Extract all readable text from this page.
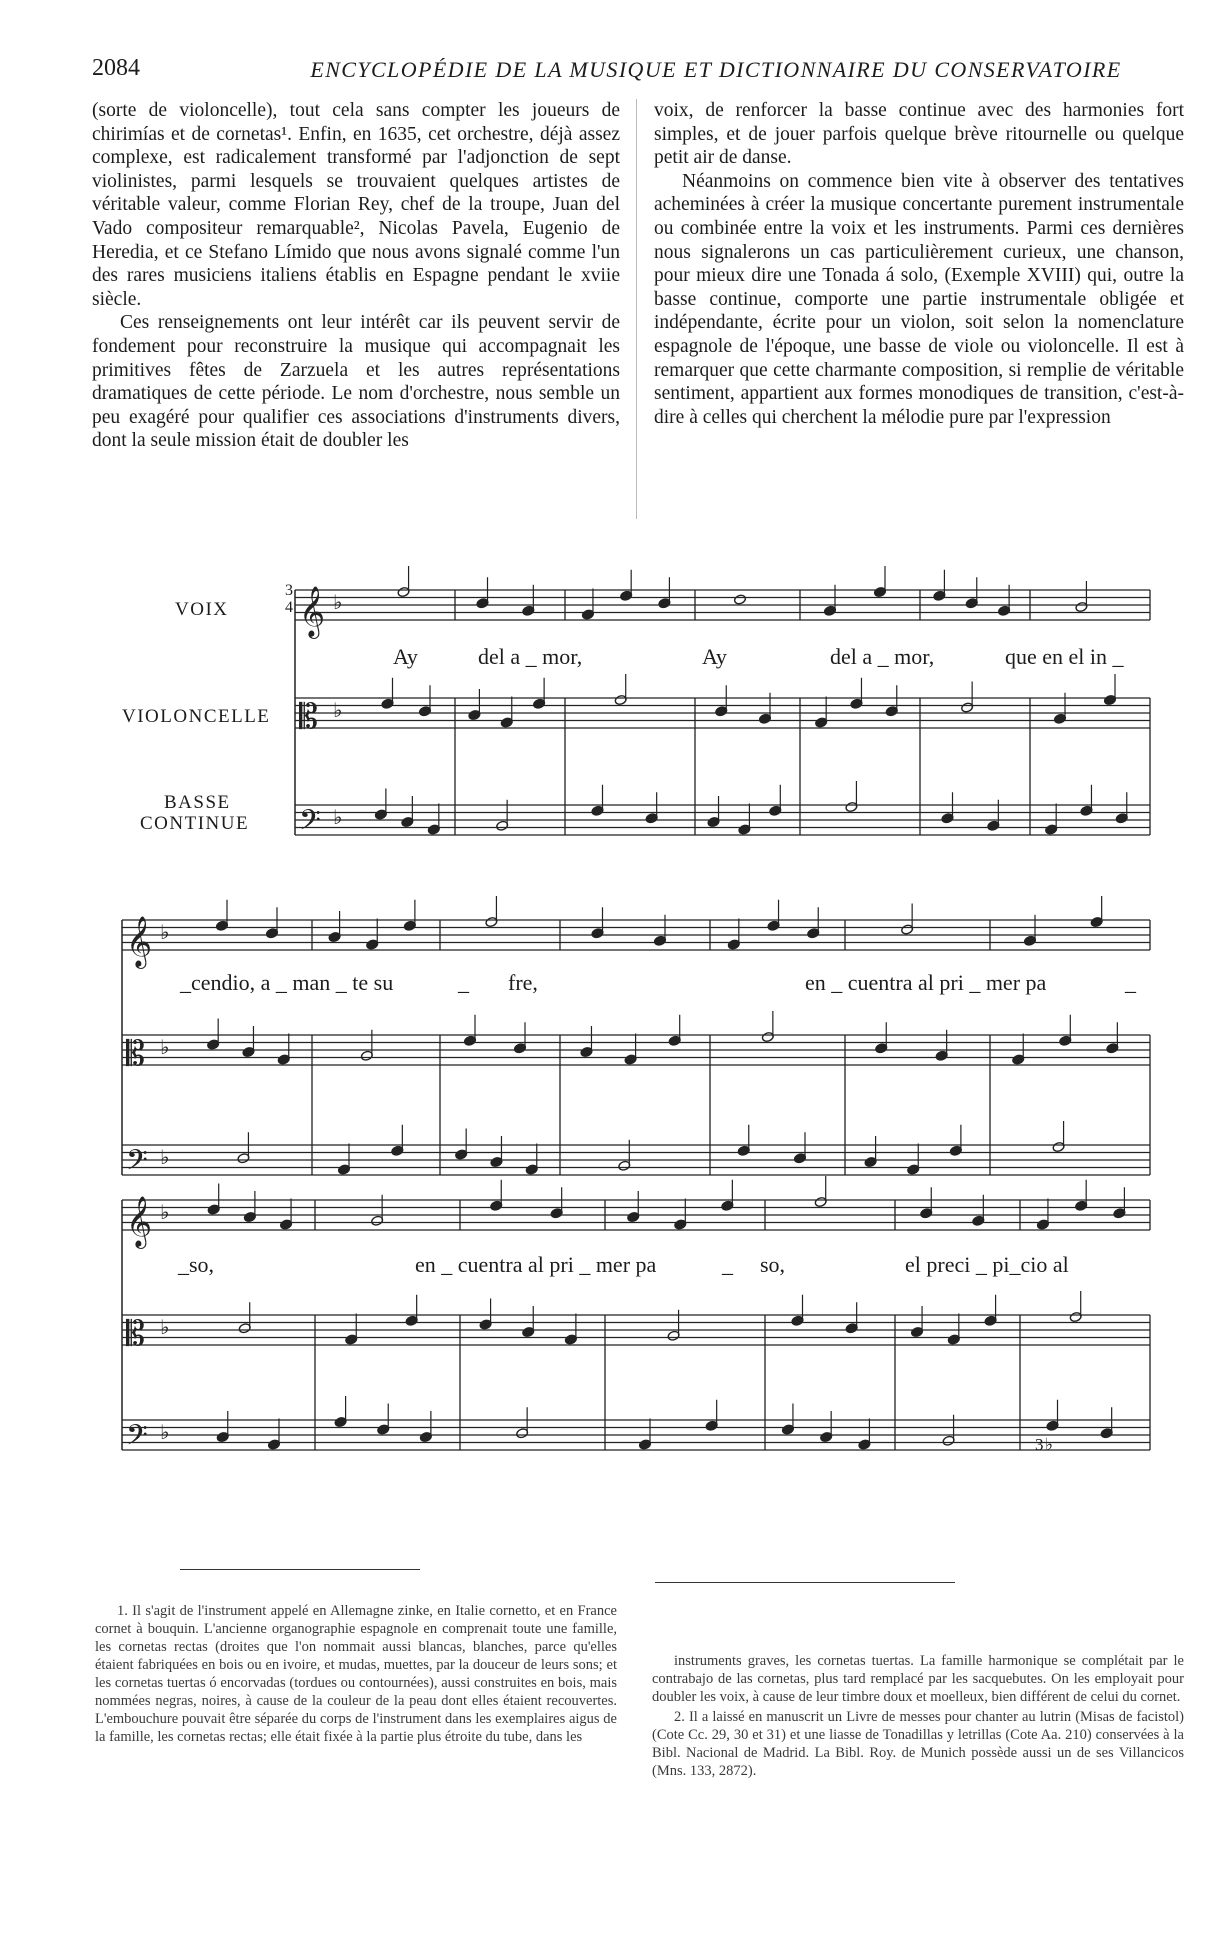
2084	ENCYCLOPÉDIE DE LA MUSIQUE ET DICTIONNAIRE DU CONSERVATOIRE

(sorte de violoncelle), tout cela sans compter les joueurs de chirimías et de cornetas¹. Enfin, en 1635, cet orchestre, déjà assez complexe, est radicalement transformé par l'adjonction de sept violinistes, parmi lesquels se trouvaient quelques artistes de véritable valeur, comme Florian Rey, chef de la troupe, Juan del Vado compositeur remarquable², Nicolas Pavela, Eugenio de Heredia, et ce Stefano Límido que nous avons signalé comme l'un des rares musiciens italiens établis en Espagne pendant le xviie siècle.

Ces renseignements ont leur intérêt car ils peuvent servir de fondement pour reconstruire la musique qui accompagnait les primitives fêtes de Zarzuela et les autres représentations dramatiques de cette période. Le nom d'orchestre, nous semble un peu exagéré pour qualifier ces associations d'instruments divers, dont la seule mission était de doubler les

voix, de renforcer la basse continue avec des harmonies fort simples, et de jouer parfois quelque brève ritournelle ou quelque petit air de danse.

Néanmoins on commence bien vite à observer des tentatives acheminées à créer la musique concertante purement instrumentale ou combinée entre la voix et les instruments. Parmi ces dernières nous signalerons un cas particulièrement curieux, une chanson, pour mieux dire une Tonada á solo, (Exemple XVIII) qui, outre la basse continue, comporte une partie instrumentale obligée et indépendante, écrite pour un violon, soit selon la nomenclature espagnole de l'époque, une basse de viole ou violoncelle. Il est à remarquer que cette charmante composition, si remplie de véritable sentiment, appartient aux formes monodiques de transition, c'est-à-dire à celles qui cherchent la mélodie pure par l'expression

VOIX
VIOLONCELLE
BASSE
CONTINUE
3
4
3♭
Ay	del a _ mor,	Ay	del a _ mor,	que en el in _
_cendio, a _ man _ te su	_ fre,	en _ cuentra al pri _ mer pa	_
_so,	en _ cuentra al pri _ mer pa	_ so,	el preci _ pi_cio al
𝄞 ♭
𝄡 ♭
𝄢 ♭
𝄞 ♭
𝄡 ♭
𝄢 ♭
𝄞 ♭
𝄡 ♭
𝄢 ♭

1. Il s'agit de l'instrument appelé en Allemagne zinke, en Italie cornetto, et en France cornet à bouquin. L'ancienne organographie espagnole en comprenait toute une famille, les cornetas rectas (droites que l'on nommait aussi blancas, blanches, parce qu'elles étaient fabriquées en bois ou en ivoire, et mudas, muettes, par la douceur de leurs sons; et les cornetas tuertas ó encorvadas (tordues ou contournées), aussi construites en bois, mais nommées negras, noires, à cause de la couleur de la peau dont elles étaient recouvertes. L'embouchure pouvait être séparée du corps de l'instrument dans les exemplaires aigus de la famille, les cornetas rectas; elle était fixée à la partie plus étroite du tube, dans les

instruments graves, les cornetas tuertas. La famille harmonique se complétait par le contrabajo de las cornetas, plus tard remplacé par les sacquebutes. On les employait pour doubler les voix, à cause de leur timbre doux et moelleux, bien différent de celui du cornet.

2. Il a laissé en manuscrit un Livre de messes pour chanter au lutrin (Misas de facistol) (Cote Cc. 29, 30 et 31) et une liasse de Tonadillas y letrillas (Cote Aa. 210) conservées à la Bibl. Nacional de Madrid. La Bibl. Roy. de Munich possède aussi un de ses Villancicos (Mns. 133, 2872).
